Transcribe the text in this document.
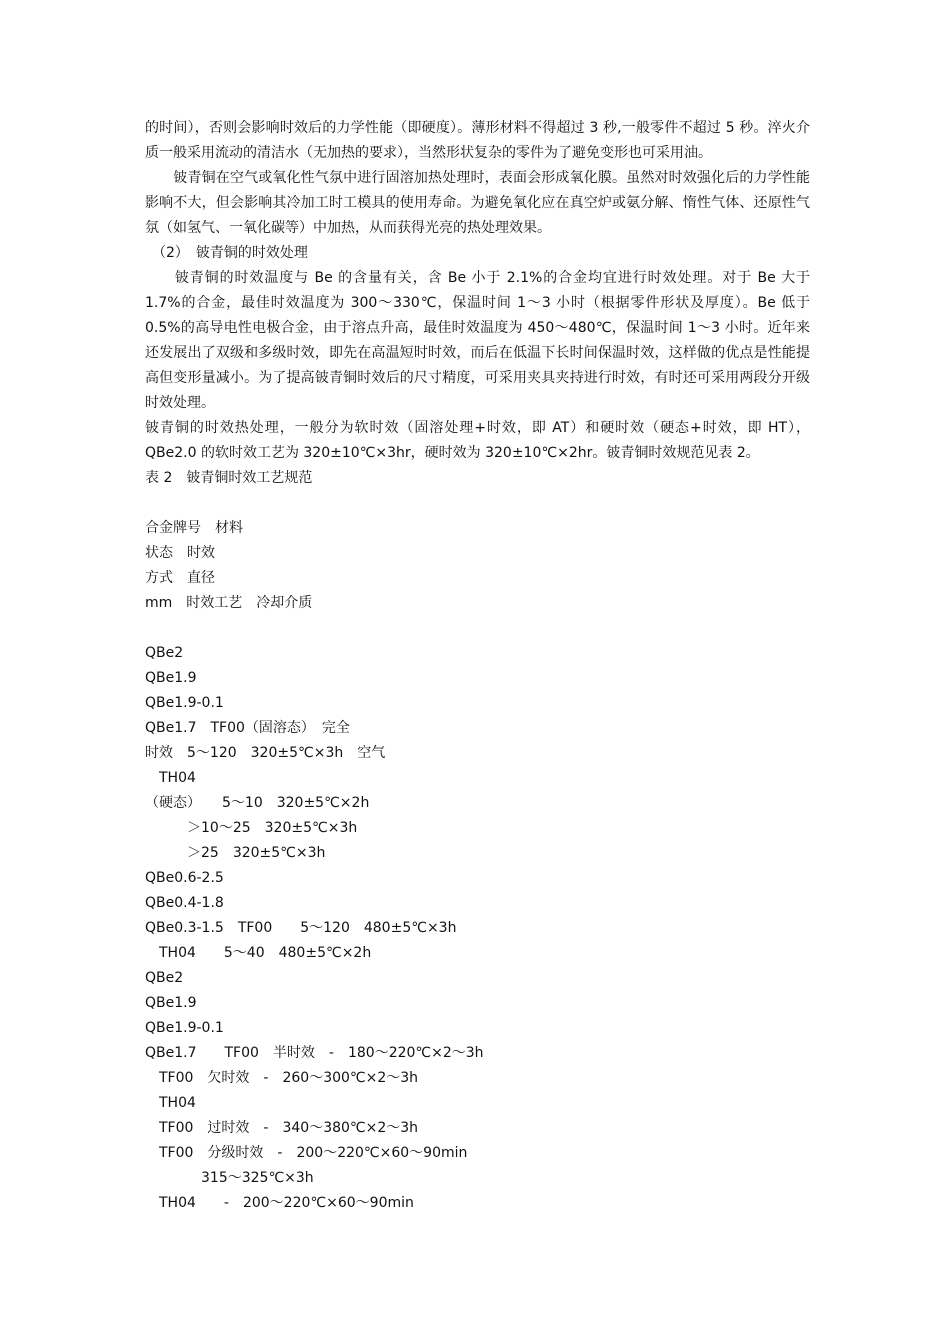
的时间），否则会影响时效后的力学性能（即硬度）。薄形材料不得超过 3 秒,一般零件不超过 5 秒。淬火介质一般采用流动的清洁水（无加热的要求），当然形状复杂的零件为了避免变形也可采用油。

　　铍青铜在空气或氧化性气氛中进行固溶加热处理时，表面会形成氧化膜。虽然对时效强化后的力学性能影响不大，但会影响其冷加工时工模具的使用寿命。为避免氧化应在真空炉或氨分解、惰性气体、还原性气氛（如氢气、一氧化碳等）中加热，从而获得光亮的热处理效果。

　（2）　铍青铜的时效处理

　　铍青铜的时效温度与 Be 的含量有关，含 Be 小于 2.1%的合金均宜进行时效处理。对于 Be 大于 1.7%的合金，最佳时效温度为 300～330℃，保温时间 1～3 小时（根据零件形状及厚度）。Be 低于 0.5%的高导电性电极合金，由于溶点升高，最佳时效温度为 450～480℃，保温时间 1～3 小时。近年来还发展出了双级和多级时效，即先在高温短时时效，而后在低温下长时间保温时效，这样做的优点是性能提高但变形量减小。为了提高铍青铜时效后的尺寸精度，可采用夹具夹持进行时效，有时还可采用两段分开级时效处理。

铍青铜的时效热处理，一般分为软时效（固溶处理+时效，即 AT）和硬时效（硬态+时效，即 HT），QBe2.0 的软时效工艺为 320±10℃×3hr，硬时效为 320±10℃×2hr。铍青铜时效规范见表 2。

表 2　铍青铜时效工艺规范
合金牌号　材料
状态　时效
方式　直径
mm　时效工艺　冷却介质
QBe2
QBe1.9
QBe1.9-0.1
QBe1.7　TF00（固溶态）　完全
时效　5～120　320±5℃×3h　空气
　TH04
（硬态）　　5～10　320±5℃×2h
　　　＞10～25　320±5℃×3h
　　　＞25　320±5℃×3h
QBe0.6-2.5
QBe0.4-1.8
QBe0.3-1.5　TF00　　5～120　480±5℃×3h
　TH04　　5～40　480±5℃×2h
QBe2
QBe1.9
QBe1.9-0.1
QBe1.7　　TF00　半时效　-　180～220℃×2～3h
　TF00　欠时效　-　260～300℃×2～3h
　TH04
　TF00　过时效　-　340～380℃×2～3h
　TF00　分级时效　-　200～220℃×60～90min
　　　　315～325℃×3h
　TH04　　-　200～220℃×60～90min
